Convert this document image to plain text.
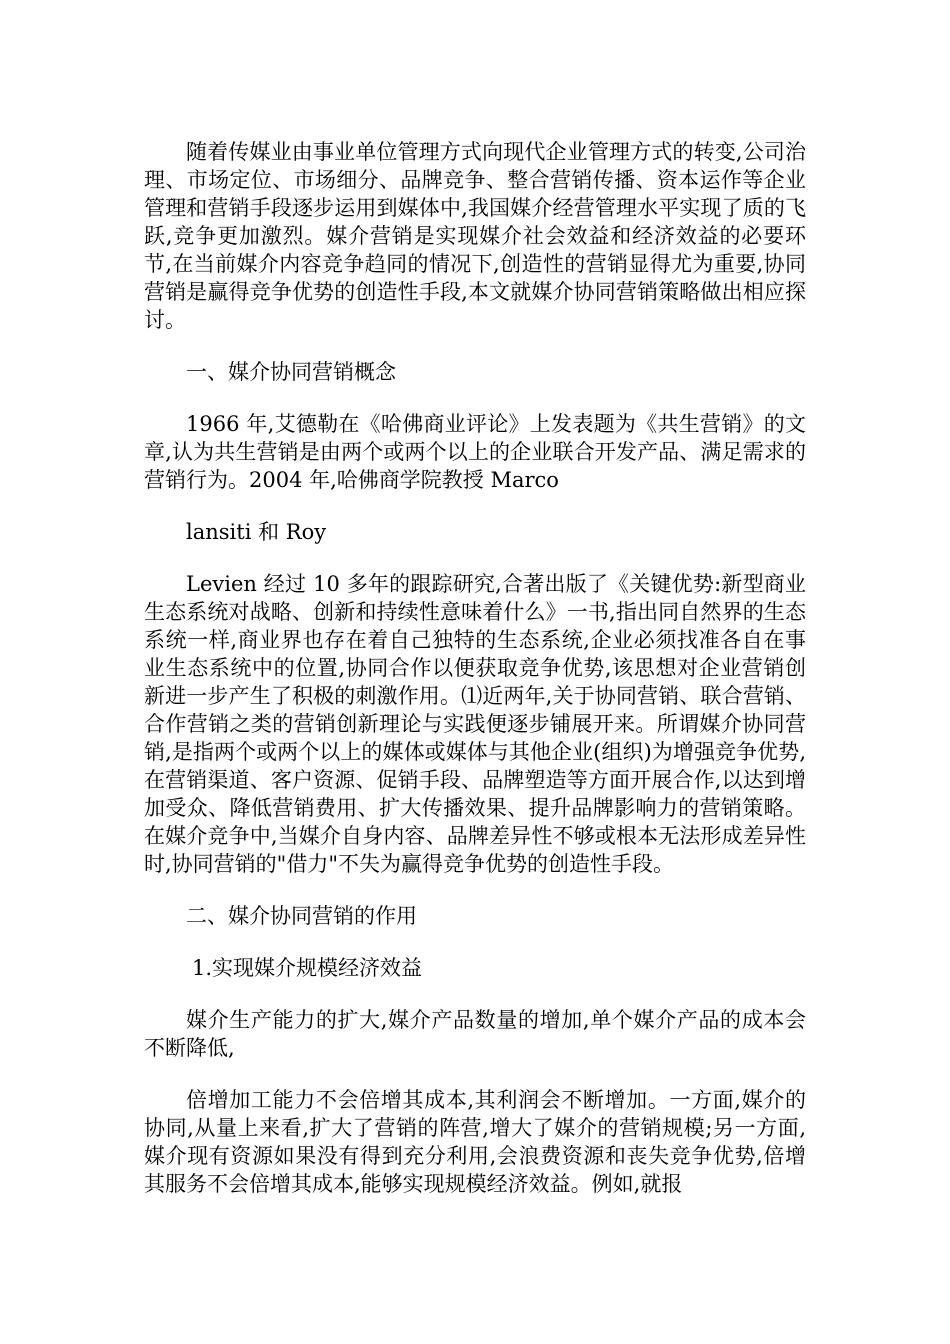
随着传媒业由事业单位管理方式向现代企业管理方式的转变,公司治理、市场定位、市场细分、品牌竞争、整合营销传播、资本运作等企业管理和营销手段逐步运用到媒体中,我国媒介经营管理水平实现了质的飞跃,竞争更加激烈。媒介营销是实现媒介社会效益和经济效益的必要环节,在当前媒介内容竞争趋同的情况下,创造性的营销显得尤为重要,协同营销是赢得竞争优势的创造性手段,本文就媒介协同营销策略做出相应探讨。

一、媒介协同营销概念

1966 年,艾德勒在《哈佛商业评论》上发表题为《共生营销》的文章,认为共生营销是由两个或两个以上的企业联合开发产品、满足需求的营销行为。2004 年,哈佛商学院教授 Marco

lansiti 和 Roy

Levien 经过 10 多年的跟踪研究,合著出版了《关键优势:新型商业生态系统对战略、创新和持续性意味着什么》一书,指出同自然界的生态系统一样,商业界也存在着自己独特的生态系统,企业必须找准各自在事业生态系统中的位置,协同合作以便获取竞争优势,该思想对企业营销创新进一步产生了积极的刺激作用。⑴近两年,关于协同营销、联合营销、合作营销之类的营销创新理论与实践便逐步铺展开来。所谓媒介协同营销,是指两个或两个以上的媒体或媒体与其他企业(组织)为增强竞争优势,在营销渠道、客户资源、促销手段、品牌塑造等方面开展合作,以达到增加受众、降低营销费用、扩大传播效果、提升品牌影响力的营销策略。在媒介竞争中,当媒介自身内容、品牌差异性不够或根本无法形成差异性时,协同营销的"借力"不失为赢得竞争优势的创造性手段。

二、媒介协同营销的作用

1.实现媒介规模经济效益

媒介生产能力的扩大,媒介产品数量的增加,单个媒介产品的成本会不断降低,

倍增加工能力不会倍增其成本,其利润会不断增加。一方面,媒介的协同,从量上来看,扩大了营销的阵营,增大了媒介的营销规模;另一方面,媒介现有资源如果没有得到充分利用,会浪费资源和丧失竞争优势,倍增其服务不会倍增其成本,能够实现规模经济效益。例如,就报
